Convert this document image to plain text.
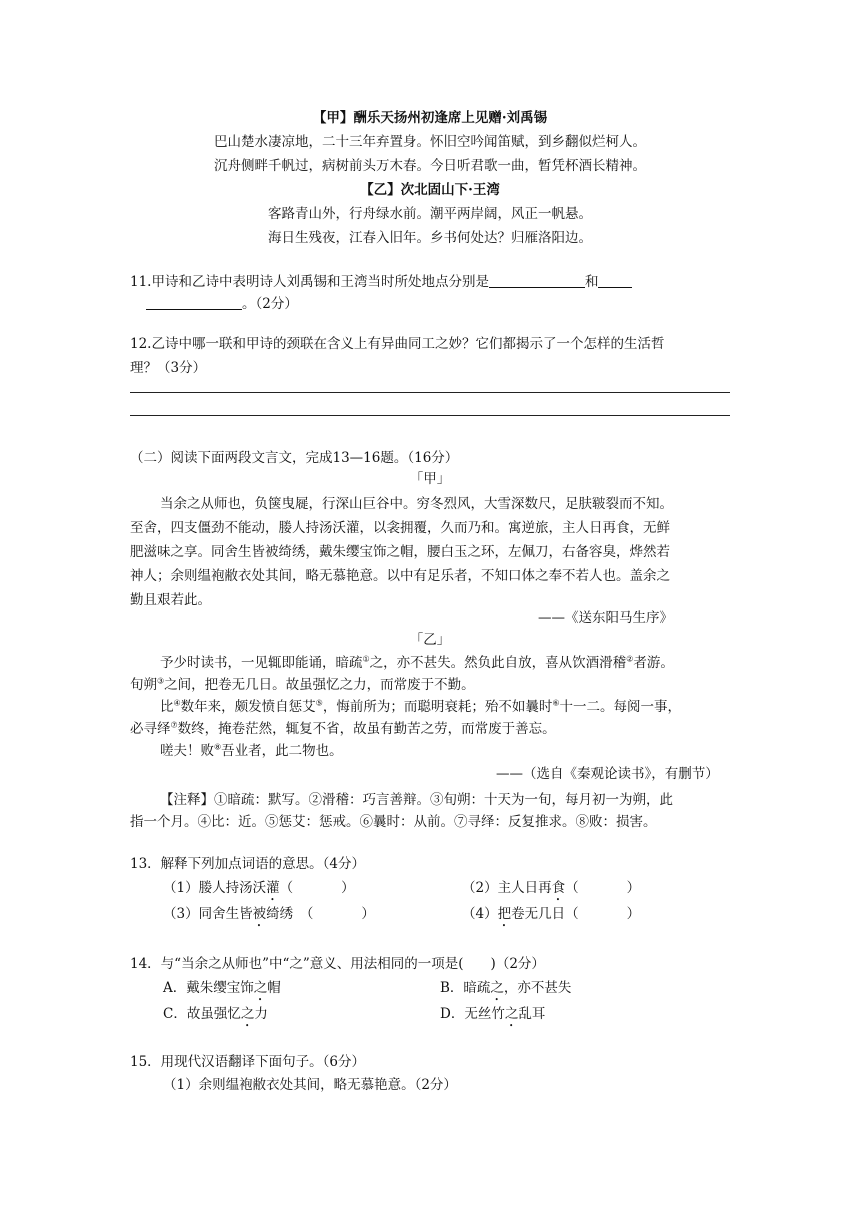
【甲】酬乐天扬州初逢席上见赠·刘禹锡
巴山楚水凄凉地，二十三年弃置身。怀旧空吟闻笛赋，到乡翻似烂柯人。
沉舟侧畔千帆过，病树前头万木春。今日听君歌一曲，暂凭杯酒长精神。
【乙】次北固山下·王湾
客路青山外，行舟绿水前。潮平两岸阔，风正一帆悬。
海日生残夜，江春入旧年。乡书何处达？归雁洛阳边。
11.甲诗和乙诗中表明诗人刘禹锡和王湾当时所处地点分别是	和
。（2分）
12.乙诗中哪一联和甲诗的颈联在含义上有异曲同工之妙？它们都揭示了一个怎样的生活哲
理？（3分）
（二）阅读下面两段文言文，完成13—16题。（16分）
「甲」
当余之从师也，负箧曳屣，行深山巨谷中。穷冬烈风，大雪深数尺，足肤皲裂而不知。
至舍，四支僵劲不能动，媵人持汤沃灌，以衾拥覆，久而乃和。寓逆旅，主人日再食，无鲜
肥滋味之享。同舍生皆被绮绣，戴朱缨宝饰之帽，腰白玉之环，左佩刀，右备容臭，烨然若
神人；余则缊袍敝衣处其间，略无慕艳意。以中有足乐者，不知口体之奉不若人也。盖余之
勤且艰若此。
——《送东阳马生序》
「乙」
予少时读书，一见辄即能诵，暗疏①之，亦不甚失。然负此自放，喜从饮酒滑稽②者游。
旬朔③之间，把卷无几日。故虽强忆之力，而常废于不勤。
比④数年来，颇发愤自惩艾⑤，悔前所为；而聪明衰耗；殆不如曩时⑥十一二。每阅一事，
必寻绎⑦数终，掩卷茫然，辄复不省，故虽有勤苦之劳，而常废于善忘。
嗟夫！败⑧吾业者，此二物也。
——（选自《秦观论读书》，有删节）
【注释】①暗疏：默写。②滑稽：巧言善辩。③旬朔：十天为一旬，每月初一为朔，此
指一个月。④比：近。⑤惩艾：惩戒。⑥曩时：从前。⑦寻绎：反复推求。⑧败：损害。
13．解释下列加点词语的意思。（4分）
（1）媵人持汤沃灌（	）	（2）主人日再食（	）
（3）同舍生皆被绮绣　（	）	（4）把卷无几日（	）
14．与“当余之从师也”中“之”意义、用法相同的一项是(　　)（2分）
A．戴朱缨宝饰之帽	B．暗疏之，亦不甚失
C．故虽强忆之力	D．无丝竹之乱耳
15．用现代汉语翻译下面句子。（6分）
（1）余则缊袍敝衣处其间，略无慕艳意。（2分）
